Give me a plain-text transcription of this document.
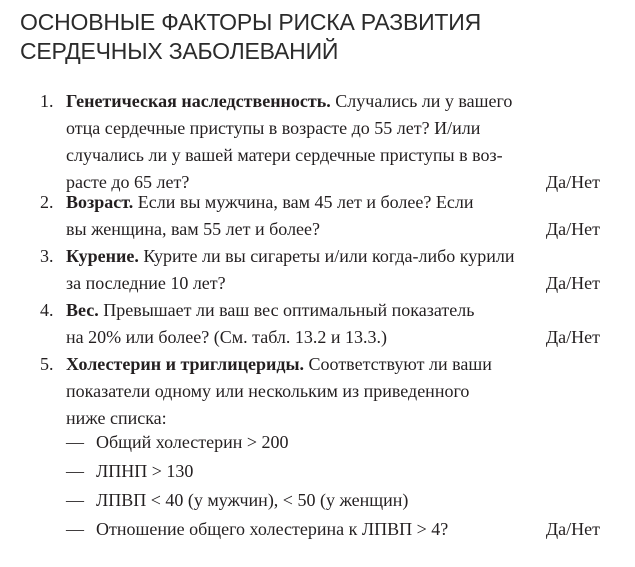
ОСНОВНЫЕ ФАКТОРЫ РИСКА РАЗВИТИЯ
СЕРДЕЧНЫХ ЗАБОЛЕВАНИЙ
1. Генетическая наследственность. Случались ли у вашего
отца сердечные приступы в возрасте до 55 лет? И/или
случались ли у вашей матери сердечные приступы в воз-
расте до 65 лет?	Да/Нет
2. Возраст. Если вы мужчина, вам 45 лет и более? Если
вы женщина, вам 55 лет и более?	Да/Нет
3. Курение. Курите ли вы сигареты и/или когда-либо курили
за последние 10 лет?	Да/Нет
4. Вес. Превышает ли ваш вес оптимальный показатель
на 20% или более? (См. табл. 13.2 и 13.3.)	Да/Нет
5. Холестерин и триглицериды. Соответствуют ли ваши
показатели одному или нескольким из приведенного
ниже списка:
— Общий холестерин > 200
— ЛПНП > 130
— ЛПВП < 40 (у мужчин), < 50 (у женщин)
— Отношение общего холестерина к ЛПВП > 4?	Да/Нет
